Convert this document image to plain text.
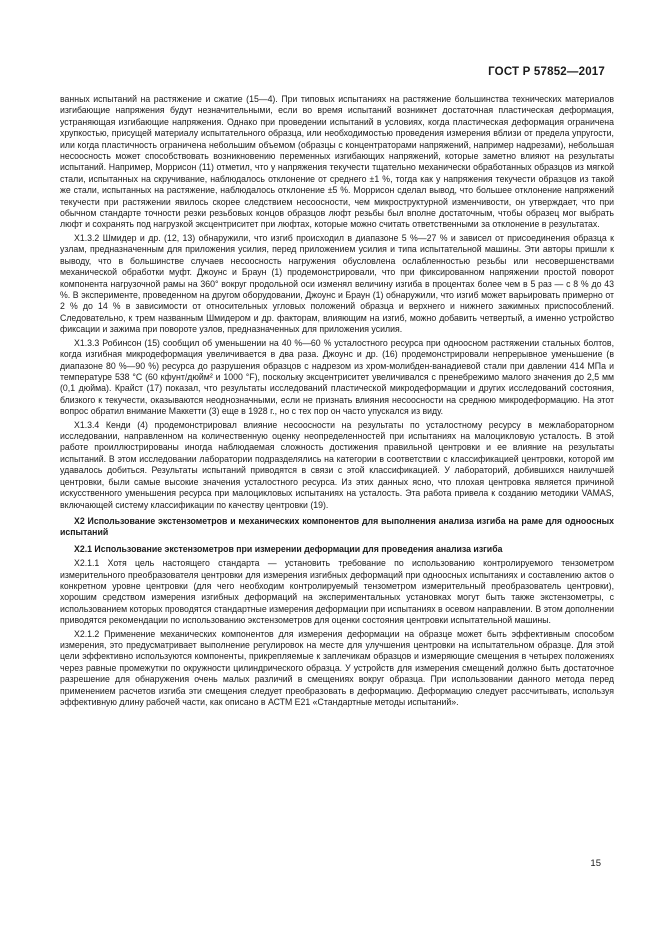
ГОСТ Р 57852—2017

ванных испытаний на растяжение и сжатие (15—4). При типовых испытаниях на растяжение большинства технических материалов изгибающие напряжения будут незначительными, если во время испытаний возникнет достаточная пластическая деформация, устраняющая изгибающие напряжения. Однако при проведении испытаний в условиях, когда пластическая деформация ограничена хрупкостью, присущей материалу испытательного образца, или необходимостью проведения измерения вблизи от предела упругости, или когда пластичность ограничена небольшим объемом (образцы с концентраторами напряжений, например надрезами), небольшая несоосность может способствовать возникновению переменных изгибающих напряжений, которые заметно влияют на результаты испытаний. Например, Моррисон (11) отметил, что у напряжения текучести тщательно механически обработанных образцов из мягкой стали, испытанных на скручивание, наблюдалось отклонение от среднего ±1 %, тогда как у напряжения текучести образцов из такой же стали, испытанных на растяжение, наблюдалось отклонение ±5 %. Моррисон сделал вывод, что большее отклонение напряжений текучести при растяжении явилось скорее следствием несоосности, чем микроструктурной изменчивости, он утверждает, что при обычном стандарте точности резки резьбовых концов образцов люфт резьбы был вполне достаточным, чтобы образец мог выбрать люфт и сохранять под нагрузкой эксцентриситет при люфтах, которые можно считать ответственными за отклонение в результатах.

Х1.3.2 Шмидер и др. (12, 13) обнаружили, что изгиб происходил в диапазоне 5 %—27 % и зависел от присоединения образца к узлам, предназначенным для приложения усилия, перед приложением усилия и типа испытательной машины. Эти авторы пришли к выводу, что в большинстве случаев несоосность нагружения обусловлена ослабленностью резьбы или несовершенствами механической обработки муфт. Джоунс и Браун (1) продемонстрировали, что при фиксированном напряжении простой поворот компонента нагрузочной рамы на 360° вокруг продольной оси изменял величину изгиба в процентах более чем в 5 раз — с 8 % до 43 %. В эксперименте, проведенном на другом оборудовании, Джоунс и Браун (1) обнаружили, что изгиб может варьировать примерно от 2 % до 14 % в зависимости от относительных угловых положений образца и верхнего и нижнего зажимных приспособлений. Следовательно, к трем названным Шмидером и др. факторам, влияющим на изгиб, можно добавить четвертый, а именно устройство фиксации и зажима при повороте узлов, предназначенных для приложения усилия.

Х1.3.3 Робинсон (15) сообщил об уменьшении на 40 %—60 % усталостного ресурса при одноосном растяжении стальных болтов, когда изгибная микродеформация увеличивается в два раза. Джоунс и др. (16) продемонстрировали непрерывное уменьшение (в диапазоне 80 %—90 %) ресурса до разрушения образцов с надрезом из хром-молибден-ванадиевой стали при давлении 414 МПа и температуре 538 °С (60 кфунт/дюйм² и 1000 °F), поскольку эксцентриситет увеличивался с пренебрежимо малого значения до 2,5 мм (0,1 дюйма). Крайст (17) показал, что результаты исследований пластической микродеформации и других исследований состояния, близкого к текучести, оказываются неоднозначными, если не признать влияния несоосности на среднюю микродеформацию. На этот вопрос обратил внимание Маккетти (3) еще в 1928 г., но с тех пор он часто упускался из виду.

Х1.3.4 Кенди (4) продемонстрировал влияние несоосности на результаты по усталостному ресурсу в межлабораторном исследовании, направленном на количественную оценку неопределенностей при испытаниях на малоцикловую усталость. В этой работе проиллюстрированы иногда наблюдаемая сложность достижения правильной центровки и ее влияние на результаты испытаний. В этом исследовании лаборатории подразделялись на категории в соответствии с классификацией центровки, которой им удавалось добиться. Результаты испытаний приводятся в связи с этой классификацией. У лабораторий, добившихся наилучшей центровки, были самые высокие значения усталостного ресурса. Из этих данных ясно, что плохая центровка является причиной искусственного уменьшения ресурса при малоцикловых испытаниях на усталость. Эта работа привела к созданию методики VAMAS, включающей систему классификации по качеству центровки (19).

Х2 Использование экстензометров и механических компонентов для выполнения анализа изгиба на раме для одноосных испытаний
Х2.1 Использование экстензометров при измерении деформации для проведения анализа изгиба

Х2.1.1 Хотя цель настоящего стандарта — установить требование по использованию контролируемого тензометром измерительного преобразователя центровки для измерения изгибных деформаций при одноосных испытаниях и составлению актов о конкретном уровне центровки (для чего необходим контролируемый тензометром измерительный преобразователь центровки), хорошим средством измерения изгибных деформаций на экспериментальных установках могут быть также экстензометры, с использованием которых проводятся стандартные измерения деформации при испытаниях в осевом направлении. В этом дополнении приводятся рекомендации по использованию экстензометров для оценки состояния центровки испытательной машины.

Х2.1.2 Применение механических компонентов для измерения деформации на образце может быть эффективным способом измерения, это предусматривает выполнение регулировок на месте для улучшения центровки на испытательном образце. Для этой цели эффективно используются компоненты, прикрепляемые к заплечикам образцов и измеряющие смещения в четырех положениях через равные промежутки по окружности цилиндрического образца. У устройств для измерения смещений должно быть достаточное разрешение для обнаружения очень малых различий в смещениях вокруг образца. При использовании данного метода перед применением расчетов изгиба эти смещения следует преобразовать в деформацию. Деформацию следует рассчитывать, используя эффективную длину рабочей части, как описано в АСТМ Е21 «Стандартные методы испытаний».

15
